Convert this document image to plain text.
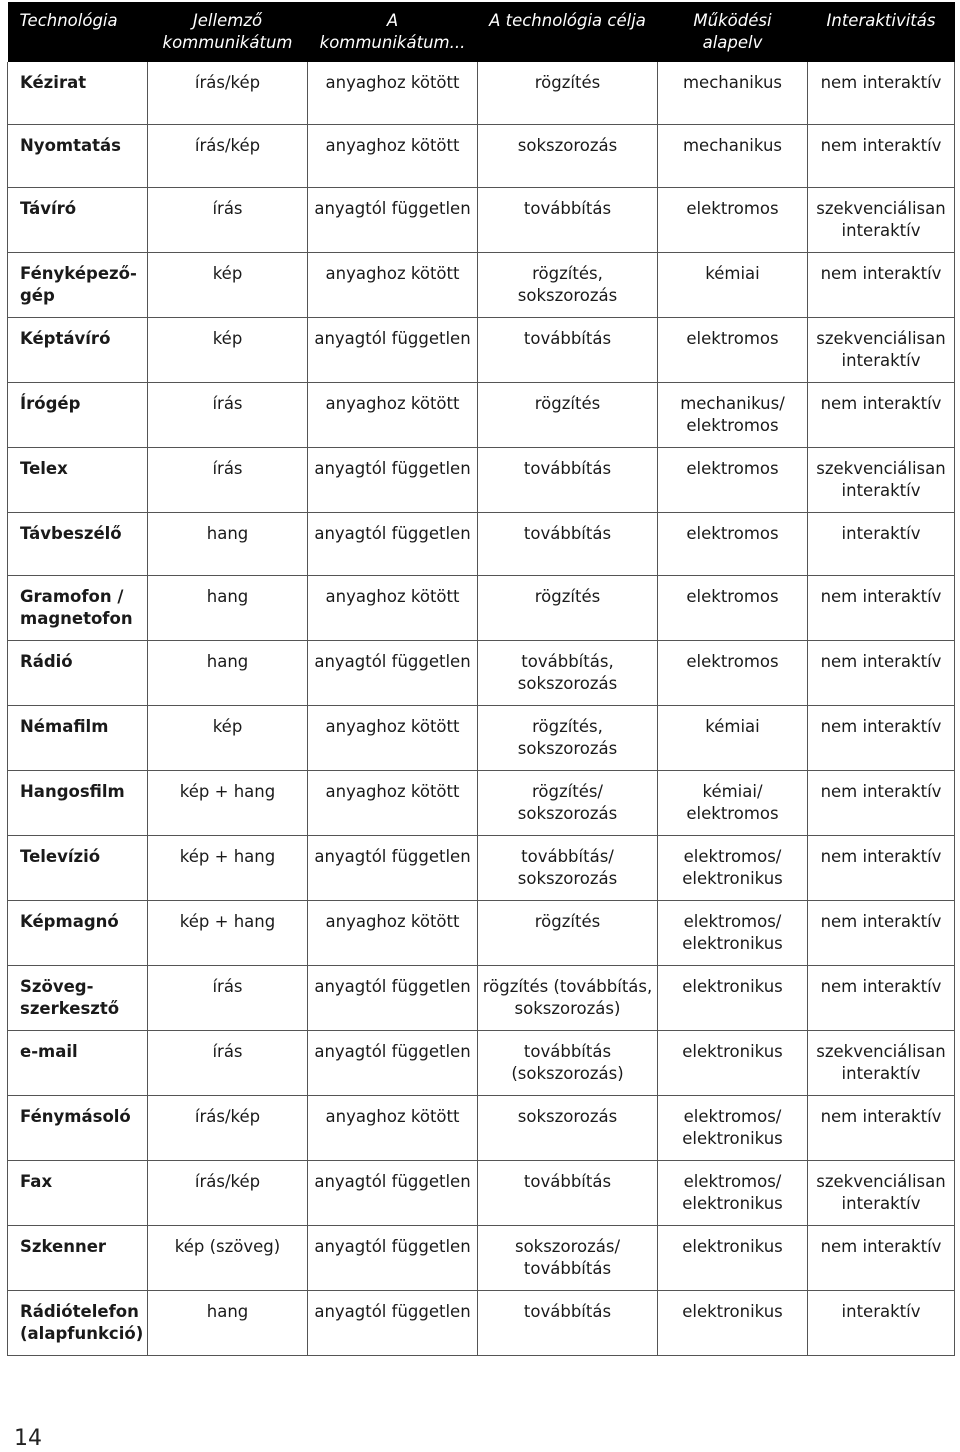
Technológia	Jellemző kommunikátum	A kommunikátum...	A technológia célja	Működési alapelv	Interaktivitás
Kézirat	írás/kép	anyaghoz kötött	rögzítés	mechanikus	nem interaktív
Nyomtatás	írás/kép	anyaghoz kötött	sokszorozás	mechanikus	nem interaktív
Távíró	írás	anyagtól független	továbbítás	elektromos	szekvenciálisan interaktív
Fényképező-gép	kép	anyaghoz kötött	rögzítés, sokszorozás	kémiai	nem interaktív
Képtávíró	kép	anyagtól független	továbbítás	elektromos	szekvenciálisan interaktív
Írógép	írás	anyaghoz kötött	rögzítés	mechanikus/ elektromos	nem interaktív
Telex	írás	anyagtól független	továbbítás	elektromos	szekvenciálisan interaktív
Távbeszélő	hang	anyagtól független	továbbítás	elektromos	interaktív
Gramofon / magnetofon	hang	anyaghoz kötött	rögzítés	elektromos	nem interaktív
Rádió	hang	anyagtól független	továbbítás, sokszorozás	elektromos	nem interaktív
Némafilm	kép	anyaghoz kötött	rögzítés, sokszorozás	kémiai	nem interaktív
Hangosfilm	kép + hang	anyaghoz kötött	rögzítés/ sokszorozás	kémiai/ elektromos	nem interaktív
Televízió	kép + hang	anyagtól független	továbbítás/ sokszorozás	elektromos/ elektronikus	nem interaktív
Képmagnó	kép + hang	anyaghoz kötött	rögzítés	elektromos/ elektronikus	nem interaktív
Szöveg-szerkesztő	írás	anyagtól független	rögzítés (továbbítás, sokszorozás)	elektronikus	nem interaktív
e-mail	írás	anyagtól független	továbbítás (sokszorozás)	elektronikus	szekvenciálisan interaktív
Fénymásoló	írás/kép	anyaghoz kötött	sokszorozás	elektromos/ elektronikus	nem interaktív
Fax	írás/kép	anyagtól független	továbbítás	elektromos/ elektronikus	szekvenciálisan interaktív
Szkenner	kép (szöveg)	anyagtól független	sokszorozás/ továbbítás	elektronikus	nem interaktív
Rádiótelefon (alapfunkció)	hang	anyagtól független	továbbítás	elektronikus	interaktív
14
